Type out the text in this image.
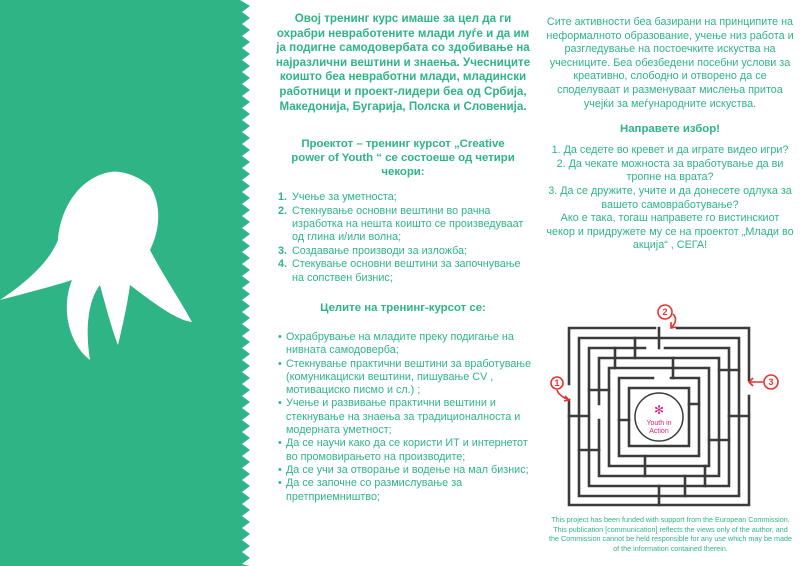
Овој тренинг курс имаше за цел да ги охрабри невработените млади луѓе и да им ја подигне самодовербата со здобивање на најразлични вештини и знаења. Учесниците коишто беа невработни млади, младински работници и проект-лидери беа од Србија, Македонија, Бугарија, Полска и Словенија.
Проектот – тренинг курсот „Creative power of Youth “ се состоеше од четири чекори:
1. Учење за уметноста;
2. Стекнување основни вештини во рачна изработка на нешта коишто се произведуваат од глина и/или волна;
3. Создавање производи за изложба;
4. Стекување основни вештини за започнување на сопствен бизнис;
Целите на тренинг-курсот се:
• Охрабрување на младите преку подигање на нивната самодоверба;
• Стекнување практични вештини за вработување (комуникациски вештини, пишување CV , мотивациско писмо и сл.) ;
• Учење и развивање практични вештини и стекнување на знаења за традиционалноста и модерната уметност;
• Да се научи како да се користи ИТ и интернетот во промовирањето на производите;
• Да се учи за отворање и водење на мал бизнис;
• Да се започне со размислување за претприемништво;
Сите активности беа базирани на принципите на неформалното образование, учење низ работа и разгледување на постоечките искуства на учесниците. Беа обезбедени посебни услови за креативно, слободно и отворено да се споделуваат и разменуваат мислења притоа учејќи за меѓународните искуства.
Направете избор!
1. Да седете во кревет и да играте видео игри?
2. Да чекате можноста за вработување да ви тропне на врата?
3. Да се дружите, учите и да донесете одлука за вашето самовработување?
Ако е така, тогаш направете го вистинскиот чекор и придружете му се на проектот „Млади во акција“ , СЕГА!
✻
Youth in
Action
1
2
3
This project has been funded with support from the European Commission. This publication [communication] reflects the views only of the author, and the Commission cannot be held responsible for any use which may be made of the information contained therein.
